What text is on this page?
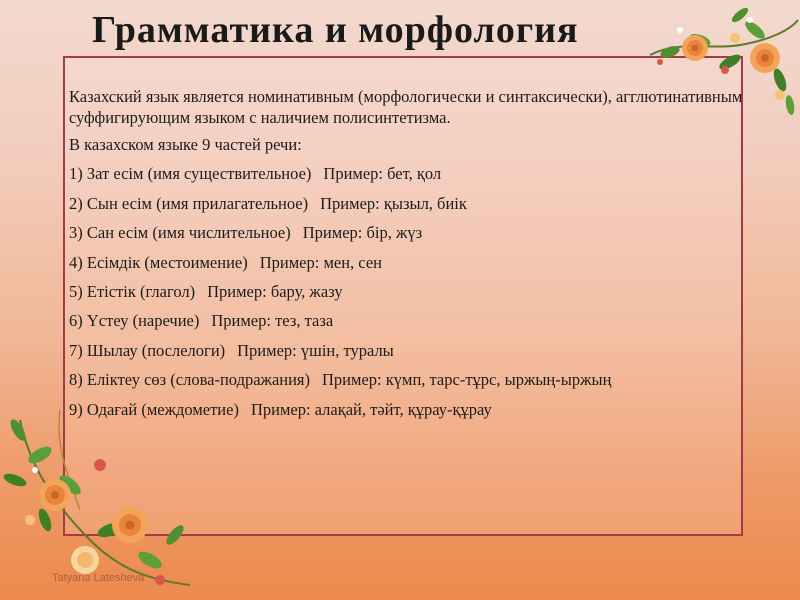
Грамматика и морфология

Казахский язык является номинативным (морфологически и синтаксически), агглютинативным суффигирующим языком с наличием полисинтетизма.

В казахском языке 9 частей речи:

1) Зат есім (имя существительное) Пример: бет, қол

2) Сын есім (имя прилагательное) Пример: қызыл, биік

3) Сан есім (имя числительное) Пример: бір, жүз

4) Есімдік (местоимение) Пример: мен, сен

5) Етістік (глагол) Пример: бару, жазу

6) Үстеу (наречие) Пример: тез, таза

7) Шылау (послелоги) Пример: үшін, туралы

8) Еліктеу сөз (слова-подражания) Пример: күмп, тарс-тұрс, ыржың-ыржың

9) Одағай (междометие) Пример: алақай, тәйт, құрау-құрау

Tatyana Latesheva
